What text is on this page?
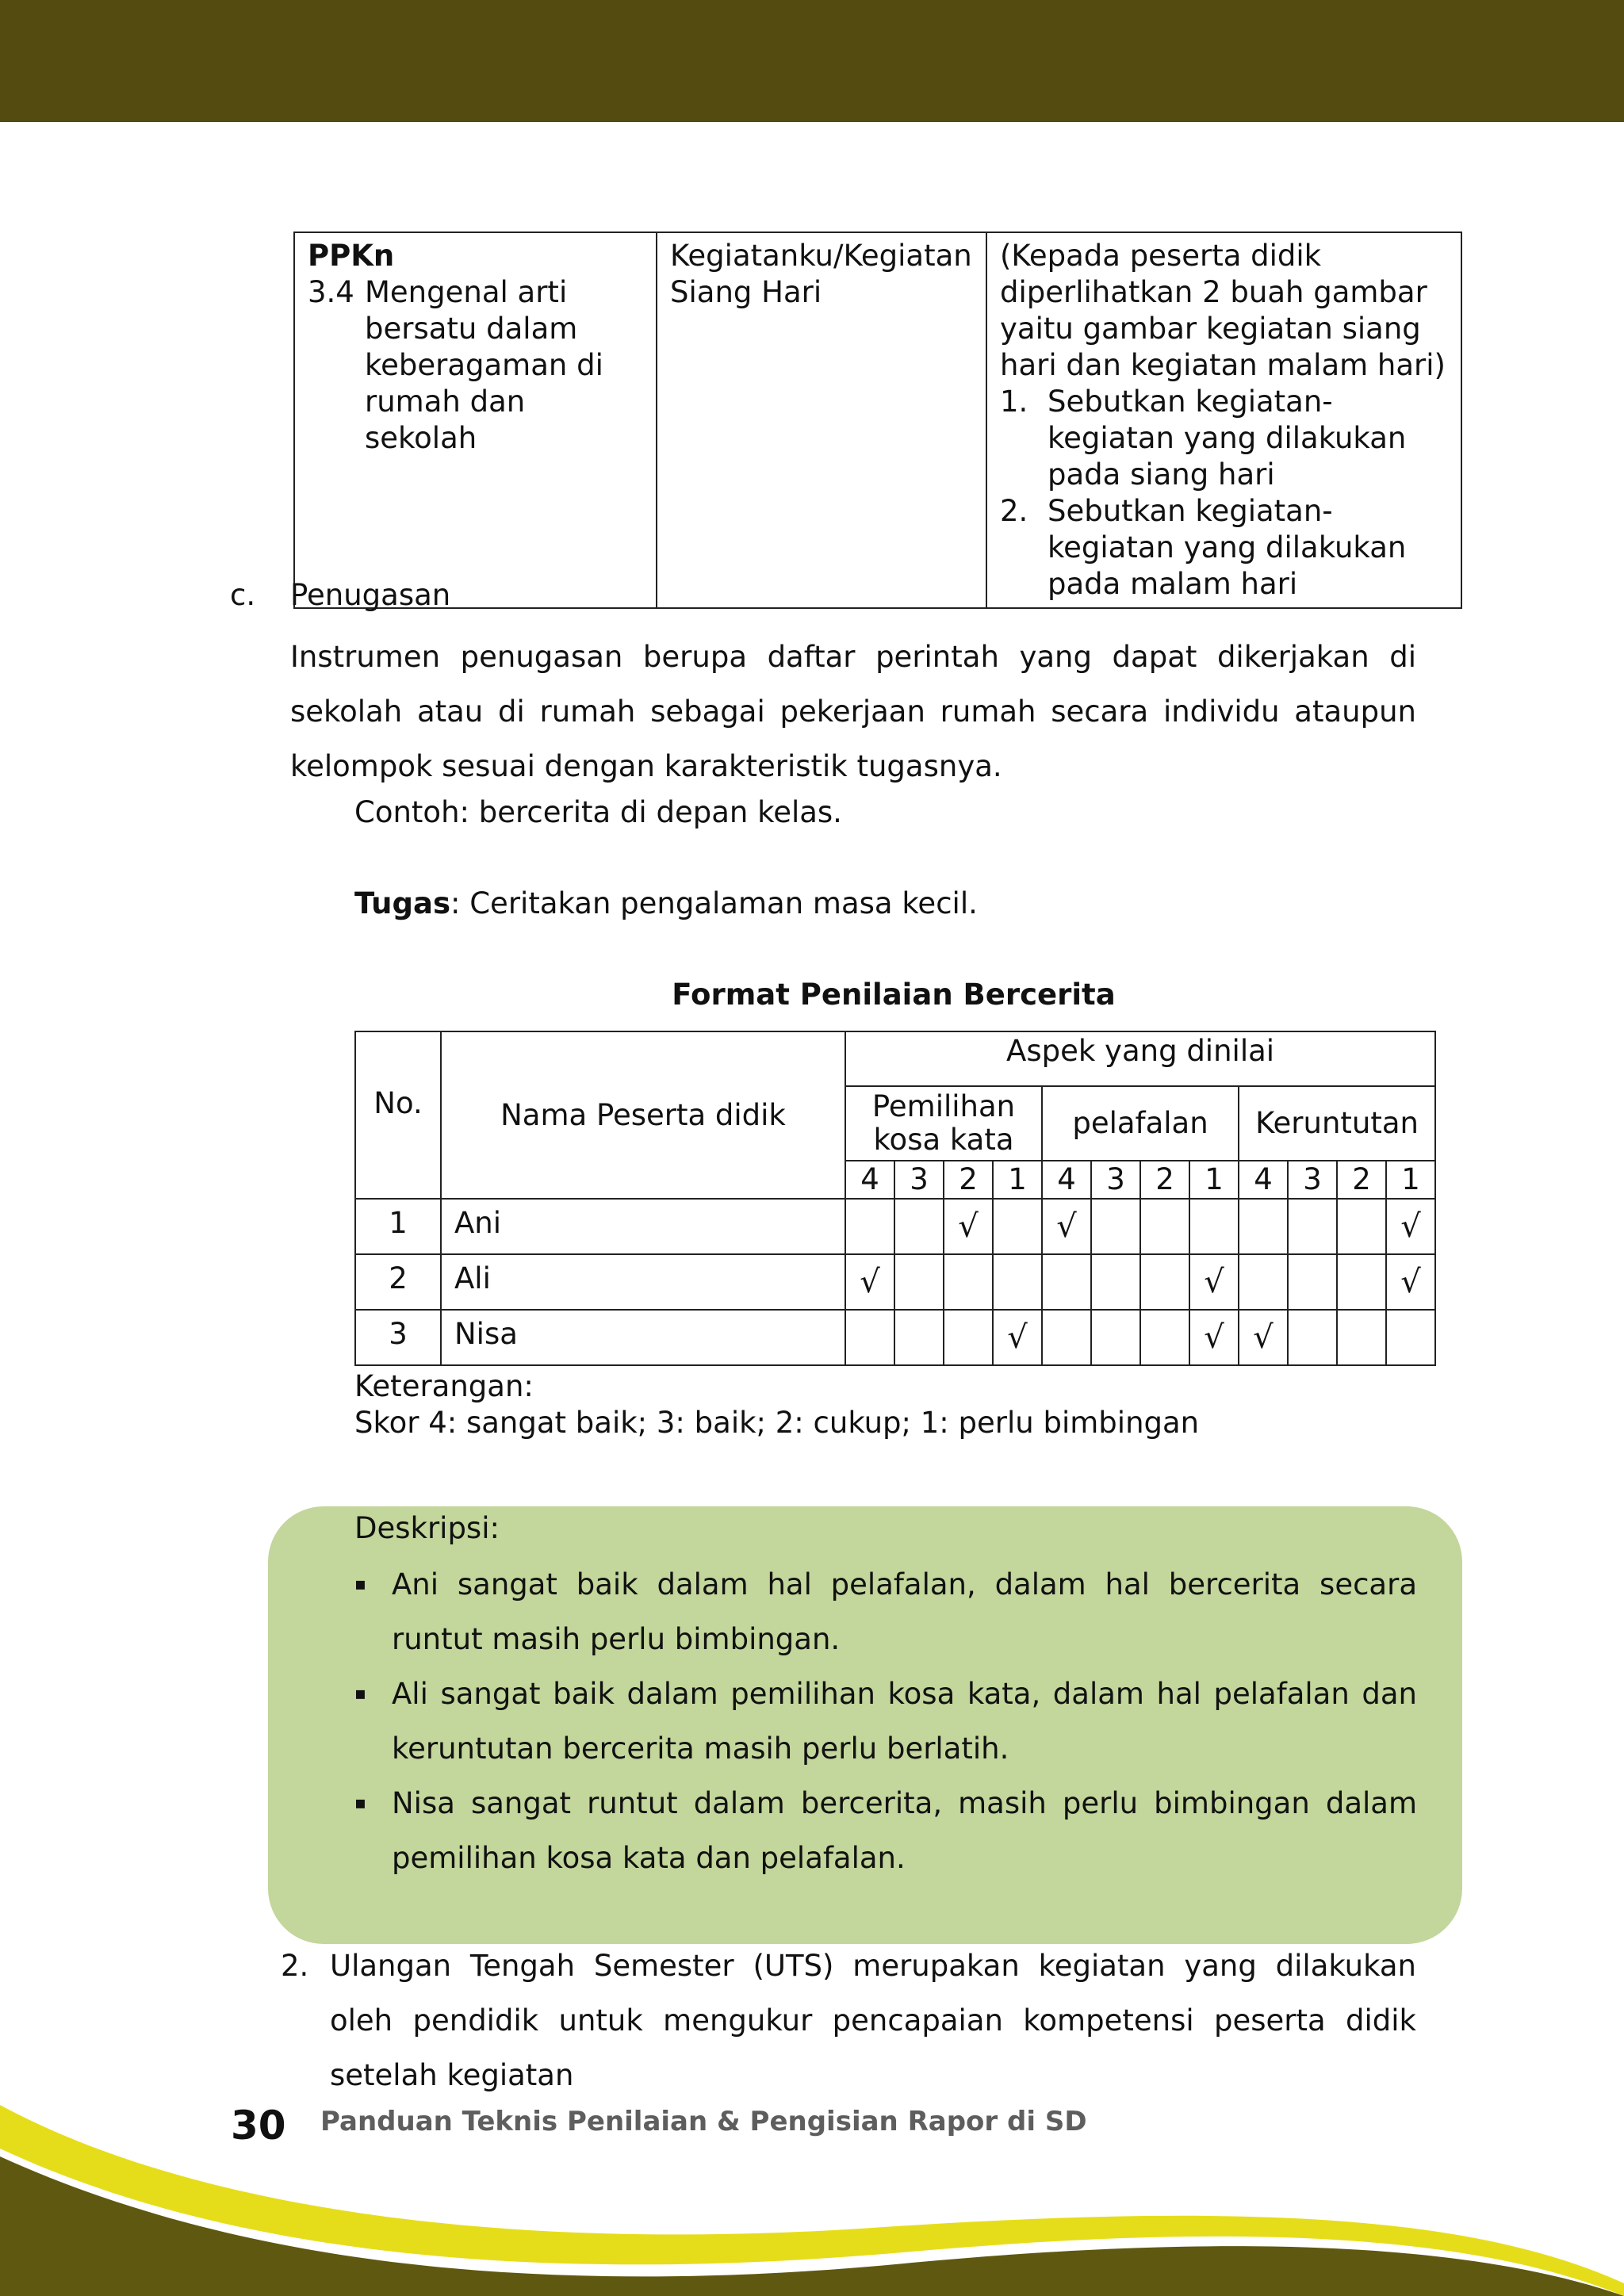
PPKn
3.4 Mengenal arti bersatu dalam keberagaman di rumah dan sekolah
	Kegiatanku/Kegiatan Siang Hari	
(Kepada peserta didik diperlihatkan 2 buah gambar yaitu gambar kegiatan siang hari dan kegiatan malam hari)
1. Sebutkan kegiatan-kegiatan yang dilakukan pada siang hari
2. Sebutkan kegiatan-kegiatan yang dilakukan pada malam hari
c.	Penugasan
Instrumen penugasan berupa daftar perintah yang dapat dikerjakan di sekolah atau di rumah sebagai pekerjaan rumah secara individu ataupun kelompok sesuai dengan karakteristik tugasnya.
Contoh: bercerita di depan kelas.
Tugas: Ceritakan pengalaman masa kecil.
Format Penilaian Bercerita
No.	Nama Peserta didik	Aspek yang dinilai											
		Pemilihan kosa kata				pelafalan				Keruntutan			
		4	3	2	1	4	3	2	1	4	3	2	1
1	Ani			√		√							√
2	Ali	√							√				√
3	Nisa				√				√	√			
Keterangan:
Skor 4: sangat baik; 3: baik; 2: cukup; 1: perlu bimbingan
Deskripsi:
▪ Ani sangat baik dalam hal pelafalan, dalam hal bercerita secara runtut masih perlu bimbingan.
▪ Ali sangat baik dalam pemilihan kosa kata, dalam hal pelafalan dan keruntutan bercerita masih perlu berlatih.
▪ Nisa sangat runtut dalam bercerita, masih perlu bimbingan dalam pemilihan kosa kata dan pelafalan.
2. Ulangan Tengah Semester (UTS) merupakan kegiatan yang dilakukan oleh pendidik untuk mengukur pencapaian kompetensi peserta didik setelah kegiatan
30 Panduan Teknis Penilaian & Pengisian Rapor di SD
